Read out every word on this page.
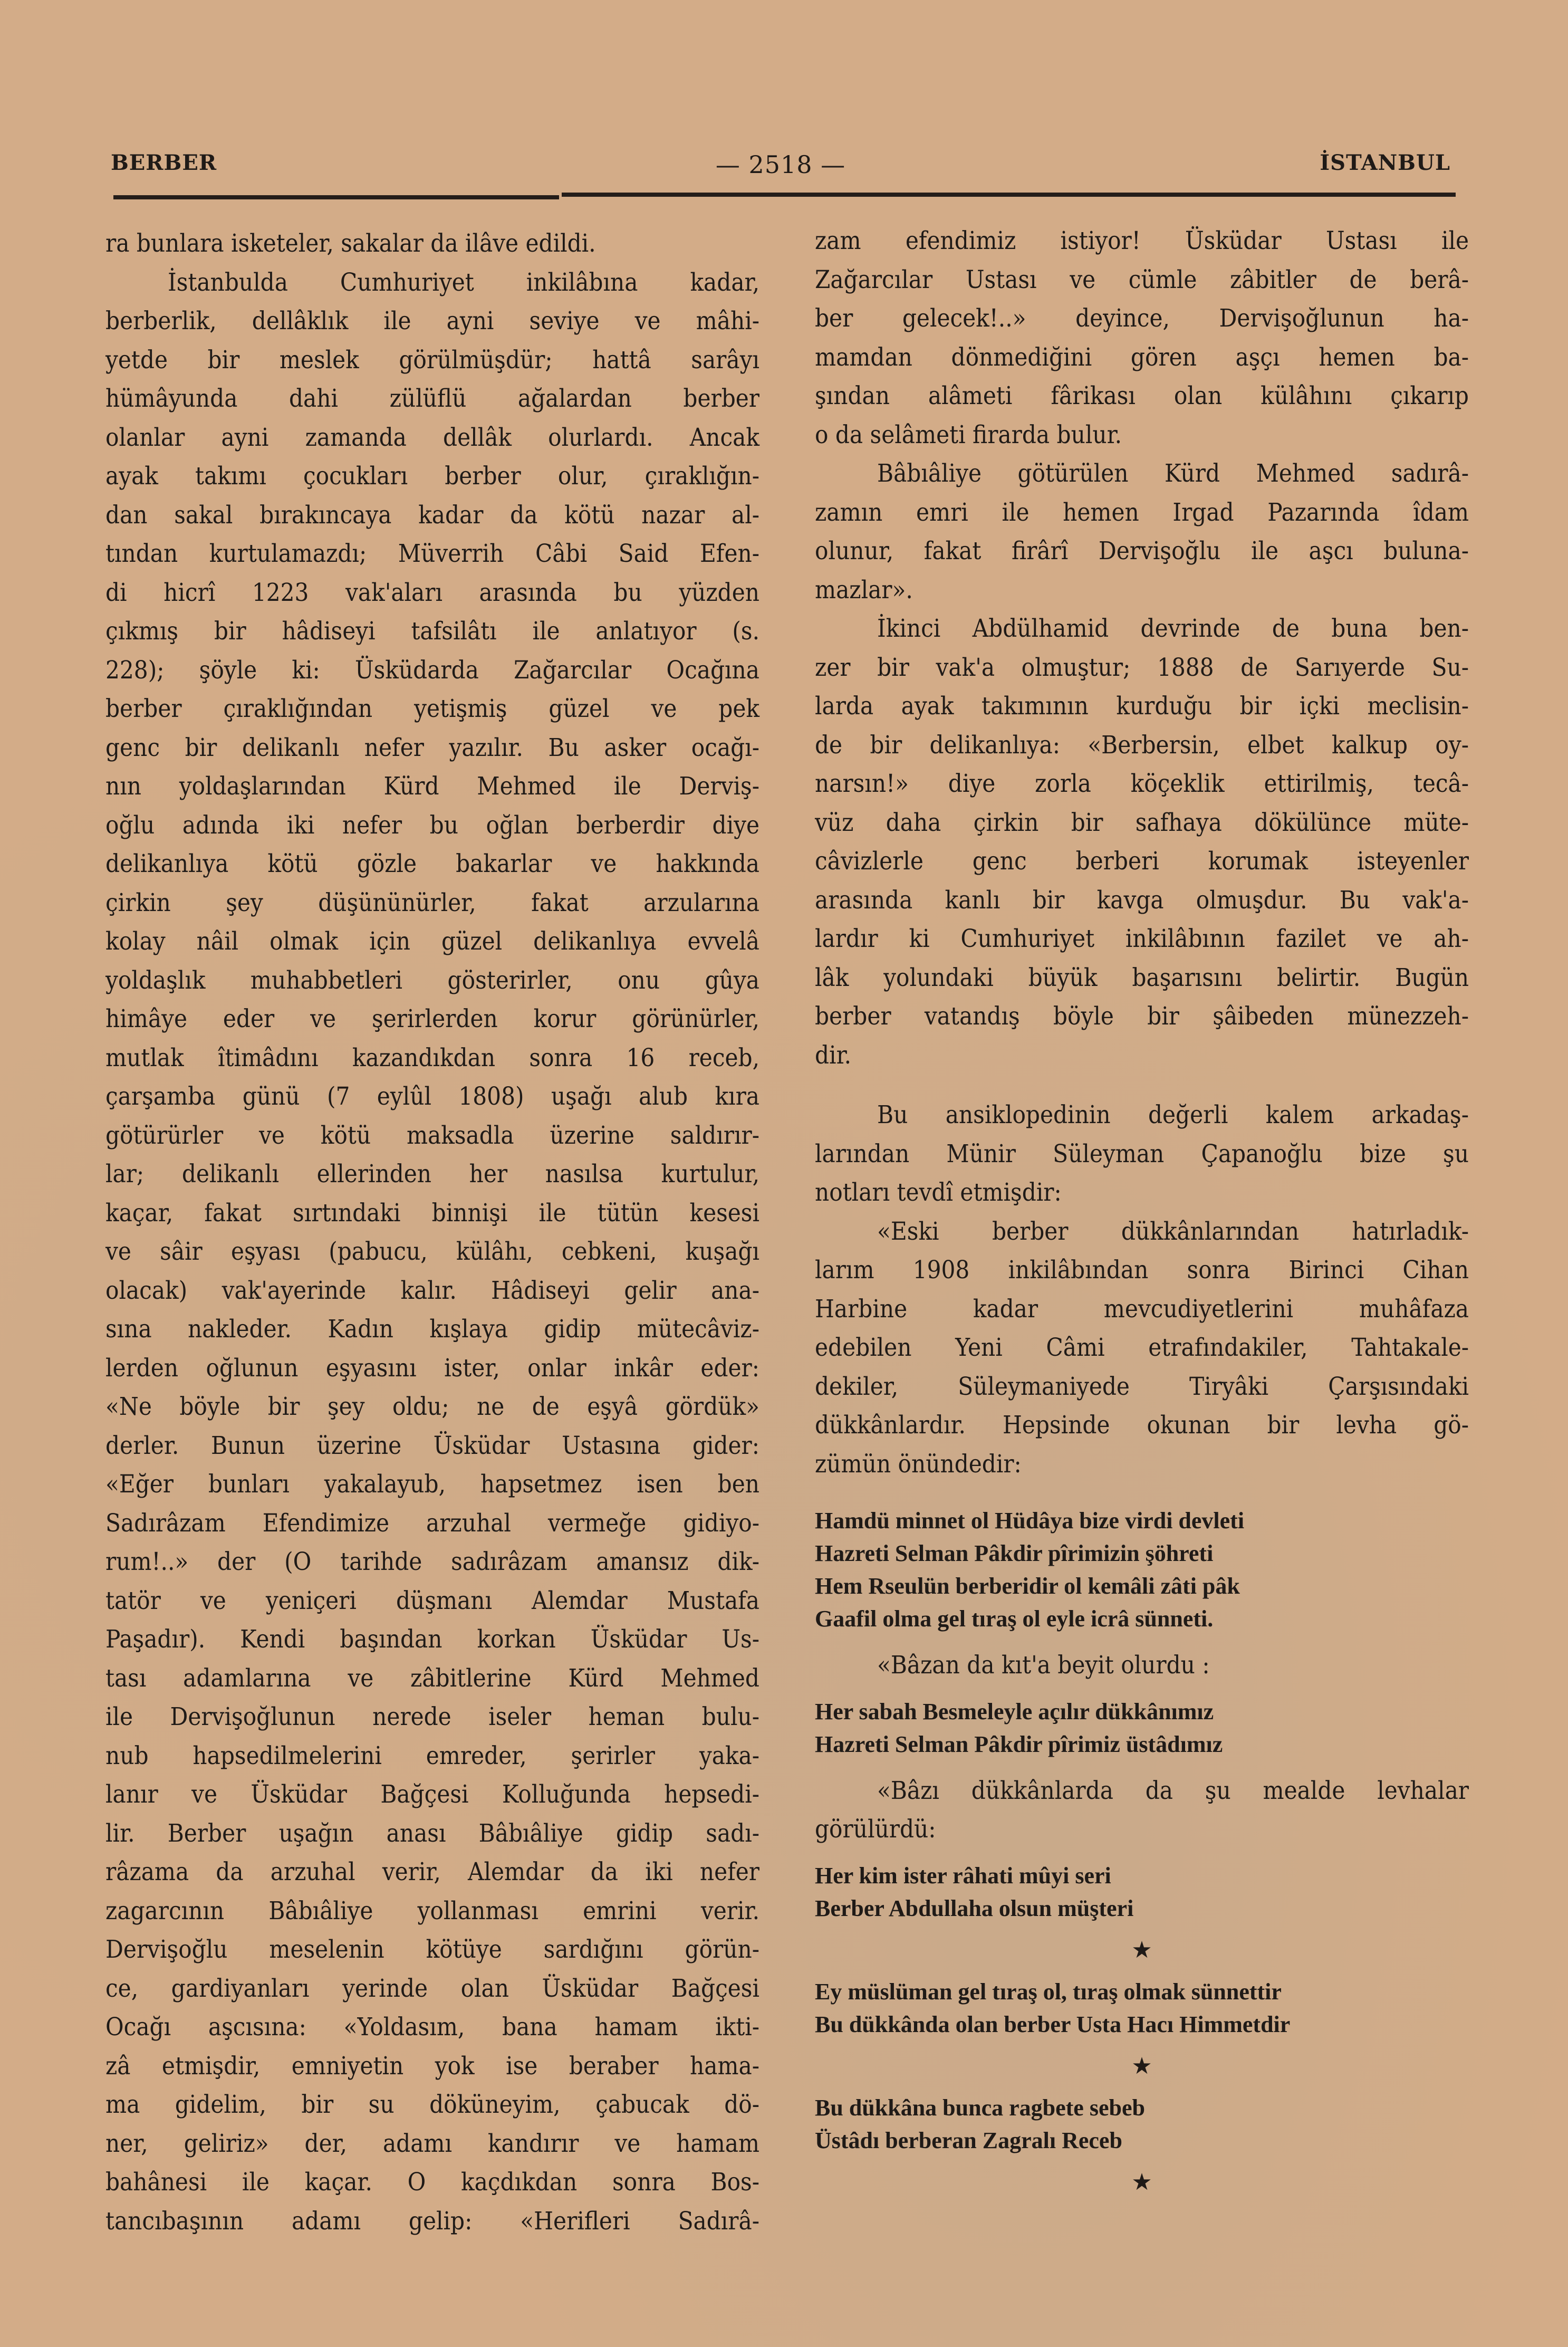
BERBER	— 2518 —	İSTANBUL

ra bunlara isketeler, sakalar da ilâve edildi.

İstanbulda Cumhuriyet inkilâbına kadar,
berberlik, dellâklık ile ayni seviye ve mâhi-
yetde bir meslek görülmüşdür; hattâ sarâyı
hümâyunda dahi zülüflü ağalardan berber
olanlar ayni zamanda dellâk olurlardı. Ancak
ayak takımı çocukları berber olur, çıraklığın-
dan sakal bırakıncaya kadar da kötü nazar al-
tından kurtulamazdı; Müverrih Câbi Said Efen-
di hicrî 1223 vak'aları arasında bu yüzden
çıkmış bir hâdiseyi tafsilâtı ile anlatıyor (s.
228); şöyle ki: Üsküdarda Zağarcılar Ocağına
berber çıraklığından yetişmiş güzel ve pek
genc bir delikanlı nefer yazılır. Bu asker ocağı-
nın yoldaşlarından Kürd Mehmed ile Derviş-
oğlu adında iki nefer bu oğlan berberdir diye
delikanlıya kötü gözle bakarlar ve hakkında
çirkin şey düşününürler, fakat arzularına
kolay nâil olmak için güzel delikanlıya evvelâ
yoldaşlık muhabbetleri gösterirler, onu gûya
himâye eder ve şerirlerden korur görünürler,
mutlak îtimâdını kazandıkdan sonra 16 receb,
çarşamba günü (7 eylûl 1808) uşağı alub kıra
götürürler ve kötü maksadla üzerine saldırır-
lar; delikanlı ellerinden her nasılsa kurtulur,
kaçar, fakat sırtındaki binnişi ile tütün kesesi
ve sâir eşyası (pabucu, külâhı, cebkeni, kuşağı
olacak) vak'ayerinde kalır. Hâdiseyi gelir ana-
sına nakleder. Kadın kışlaya gidip mütecâviz-
lerden oğlunun eşyasını ister, onlar inkâr eder:
«Ne böyle bir şey oldu; ne de eşyâ gördük»
derler. Bunun üzerine Üsküdar Ustasına gider:
«Eğer bunları yakalayub, hapsetmez isen ben
Sadırâzam Efendimize arzuhal vermeğe gidiyo-
rum!..» der (O tarihde sadırâzam amansız dik-
tatör ve yeniçeri düşmanı Alemdar Mustafa
Paşadır). Kendi başından korkan Üsküdar Us-
tası adamlarına ve zâbitlerine Kürd Mehmed
ile Dervişoğlunun nerede iseler heman bulu-
nub hapsedilmelerini emreder, şerirler yaka-
lanır ve Üsküdar Bağçesi Kolluğunda hepsedi-
lir. Berber uşağın anası Bâbıâliye gidip sadı-
râzama da arzuhal verir, Alemdar da iki nefer
zagarcının Bâbıâliye yollanması emrini verir.
Dervişoğlu meselenin kötüye sardığını görün-
ce, gardiyanları yerinde olan Üsküdar Bağçesi
Ocağı aşcısına: «Yoldasım, bana hamam ikti-
zâ etmişdir, emniyetin yok ise beraber hama-
ma gidelim, bir su döküneyim, çabucak dö-
ner, geliriz» der, adamı kandırır ve hamam
bahânesi ile kaçar. O kaçdıkdan sonra Bos-
tancıbaşının adamı gelip: «Herifleri Sadırâ-

zam efendimiz istiyor! Üsküdar Ustası ile
Zağarcılar Ustası ve cümle zâbitler de berâ-
ber gelecek!..» deyince, Dervişoğlunun ha-
mamdan dönmediğini gören aşçı hemen ba-
şından alâmeti fârikası olan külâhını çıkarıp
o da selâmeti firarda bulur.

Bâbıâliye götürülen Kürd Mehmed sadırâ-
zamın emri ile hemen Irgad Pazarında îdam
olunur, fakat firârî Dervişoğlu ile aşcı buluna-
mazlar».

İkinci Abdülhamid devrinde de buna ben-
zer bir vak'a olmuştur; 1888 de Sarıyerde Su-
larda ayak takımının kurduğu bir içki meclisin-
de bir delikanlıya: «Berbersin, elbet kalkup oy-
narsın!» diye zorla köçeklik ettirilmiş, tecâ-
vüz daha çirkin bir safhaya dökülünce müte-
câvizlerle genc berberi korumak isteyenler
arasında kanlı bir kavga olmuşdur. Bu vak'a-
lardır ki Cumhuriyet inkilâbının fazilet ve ah-
lâk yolundaki büyük başarısını belirtir. Bugün
berber vatandış böyle bir şâibeden münezzeh-
dir.

Bu ansiklopedinin değerli kalem arkadaş-
larından Münir Süleyman Çapanoğlu bize şu
notları tevdî etmişdir:

«Eski berber dükkânlarından hatırladık-
larım 1908 inkilâbından sonra Birinci Cihan
Harbine kadar mevcudiyetlerini muhâfaza
edebilen Yeni Câmi etrafındakiler, Tahtakale-
dekiler, Süleymaniyede Tiryâki Çarşısındaki
dükkânlardır. Hepsinde okunan bir levha gö-
zümün önündedir:

Hamdü minnet ol Hüdâya bize virdi devleti
Hazreti Selman Pâkdir pîrimizin şöhreti
Hem Rseulün berberidir ol kemâli zâti pâk
Gaafil olma gel tıraş ol eyle icrâ sünneti.

«Bâzan da kıt'a beyit olurdu :

Her sabah Besmeleyle açılır dükkânımız
Hazreti Selman Pâkdir pîrimiz üstâdımız

«Bâzı dükkânlarda da şu mealde levhalar
görülürdü:

Her kim ister râhati mûyi seri
Berber Abdullaha olsun müşteri
★
Ey müslüman gel tıraş ol, tıraş olmak sünnettir
Bu dükkânda olan berber Usta Hacı Himmetdir
★
Bu dükkâna bunca ragbete sebeb
Üstâdı berberan Zagralı Receb
★
